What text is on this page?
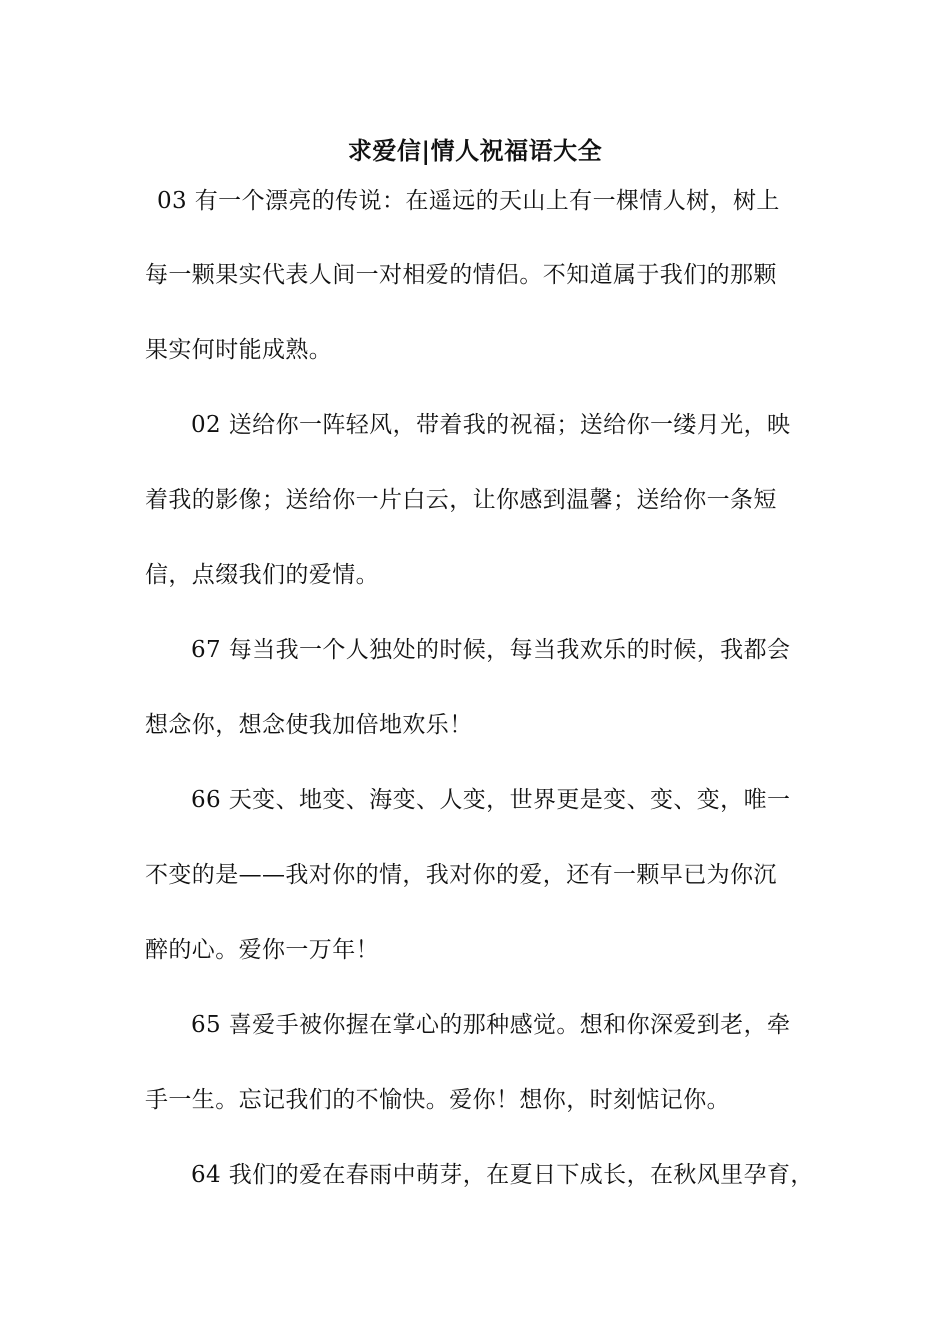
求爱信|情人祝福语大全
03 有一个漂亮的传说：在遥远的天山上有一棵情人树，树上
每一颗果实代表人间一对相爱的情侣。不知道属于我们的那颗
果实何时能成熟。
02 送给你一阵轻风，带着我的祝福；送给你一缕月光，映
着我的影像；送给你一片白云，让你感到温馨；送给你一条短
信，点缀我们的爱情。
67 每当我一个人独处的时候，每当我欢乐的时候，我都会
想念你，想念使我加倍地欢乐！
66 天变、地变、海变、人变，世界更是变、变、变，唯一
不变的是——我对你的情，我对你的爱，还有一颗早已为你沉
醉的心。爱你一万年！
65 喜爱手被你握在掌心的那种感觉。想和你深爱到老，牵
手一生。忘记我们的不愉快。爱你！想你，时刻惦记你。
64 我们的爱在春雨中萌芽，在夏日下成长，在秋风里孕育，
